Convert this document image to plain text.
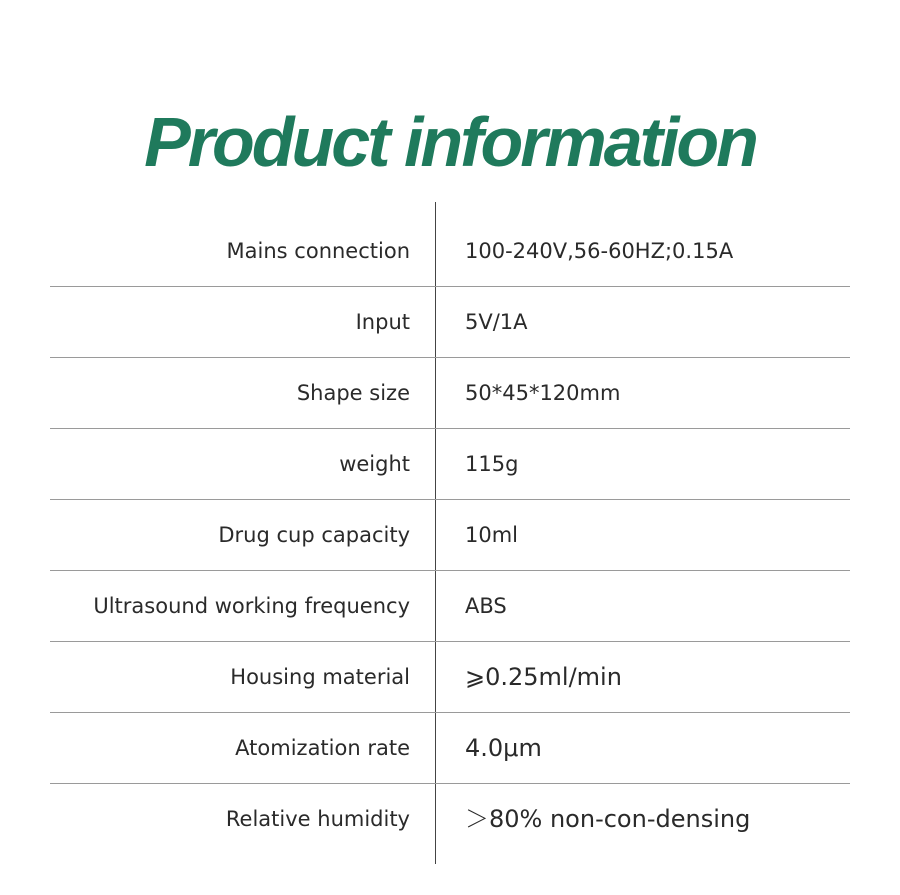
Product information
Mains connection	100-240V,56-60HZ;0.15A
Input	5V/1A
Shape size	50*45*120mm
weight	115g
Drug cup capacity	10ml
Ultrasound working frequency	ABS
Housing material ⩾0.25ml/min
Atomization rate 4.0μm
Relative humidity ＞80% non-con-densing
